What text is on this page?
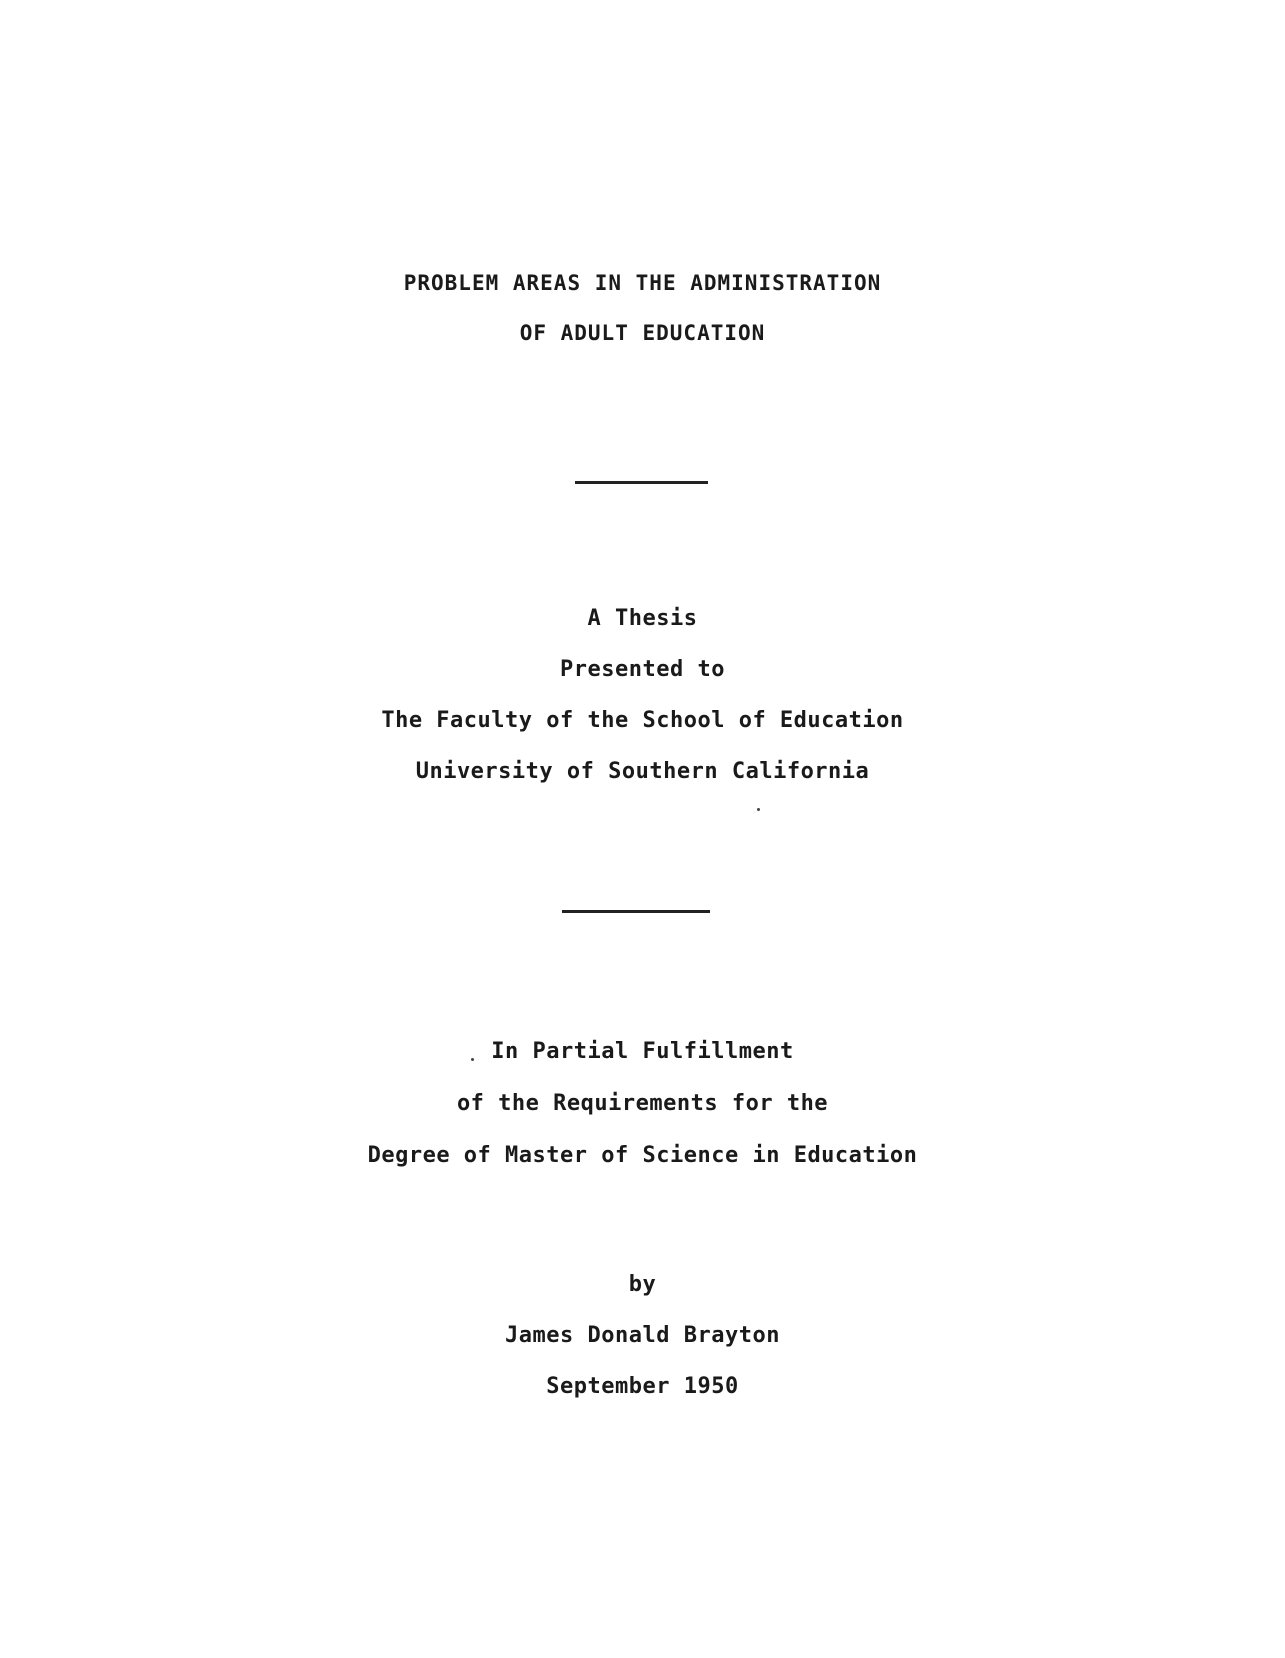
PROBLEM AREAS IN THE ADMINISTRATION
OF ADULT EDUCATION
A Thesis
Presented to
The Faculty of the School of Education
University of Southern California
In Partial Fulfillment
of the Requirements for the
Degree of Master of Science in Education
by
James Donald Brayton
September 1950
